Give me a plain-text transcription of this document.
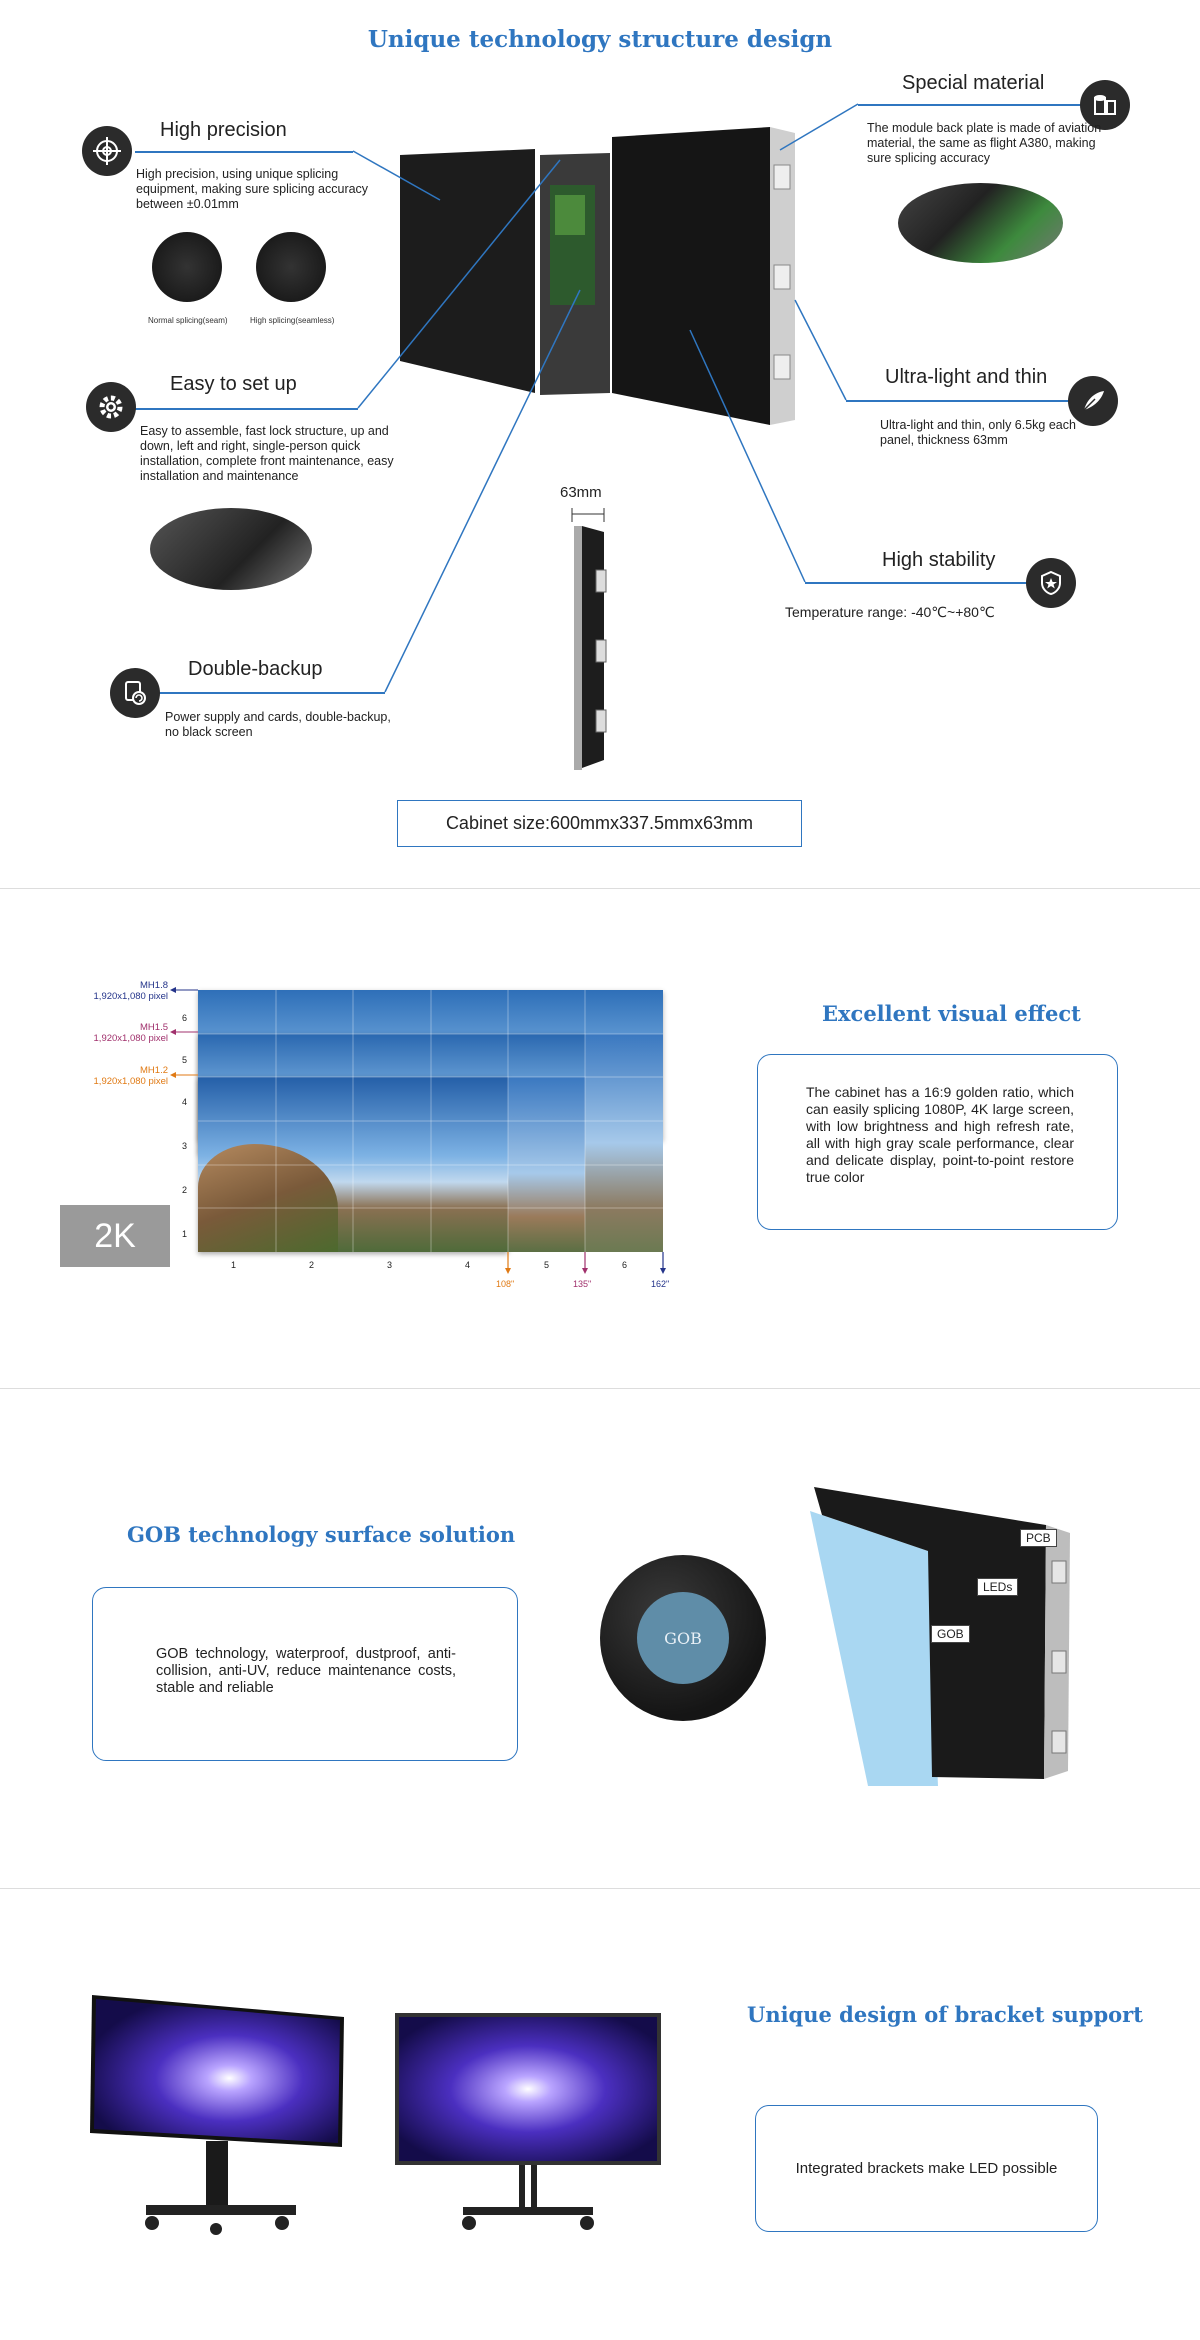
Unique technology structure design
High precision
High precision, using unique splicing equipment, making sure splicing accuracy between ±0.01mm
Normal splicing(seam)	High splicing(seamless)
Easy to set up
Easy to assemble, fast lock structure, up and down, left and right, single-person quick installation, complete front maintenance, easy installation and maintenance
Double-backup
Power supply and cards, double-backup, no black screen
Special material
The module back plate is made of aviation material, the same as flight A380, making sure splicing accuracy
Ultra-light and thin
Ultra-light and thin, only 6.5kg each panel, thickness 63mm
High stability
Temperature range: -40℃~+80℃
63mm
Cabinet size:600mmx337.5mmx63mm
6
5
4
3
2
1
1	2	3	4	5	6
108"	135"	162"
MH1.8
1,920x1,080 pixel
MH1.5
1,920x1,080 pixel
MH1.2
1,920x1,080 pixel
2K
Excellent visual effect
The cabinet has a 16:9 golden ratio, which can easily splicing 1080P, 4K large screen, with low brightness and high refresh rate, all with high gray scale performance, clear and delicate display, point-to-point restore true color
GOB technology surface solution
GOB technology, waterproof, dustproof, anti-collision, anti-UV, reduce maintenance costs, stable and reliable
GOB
PCB
LEDs
GOB
Unique design of bracket support
Integrated brackets make LED possible
